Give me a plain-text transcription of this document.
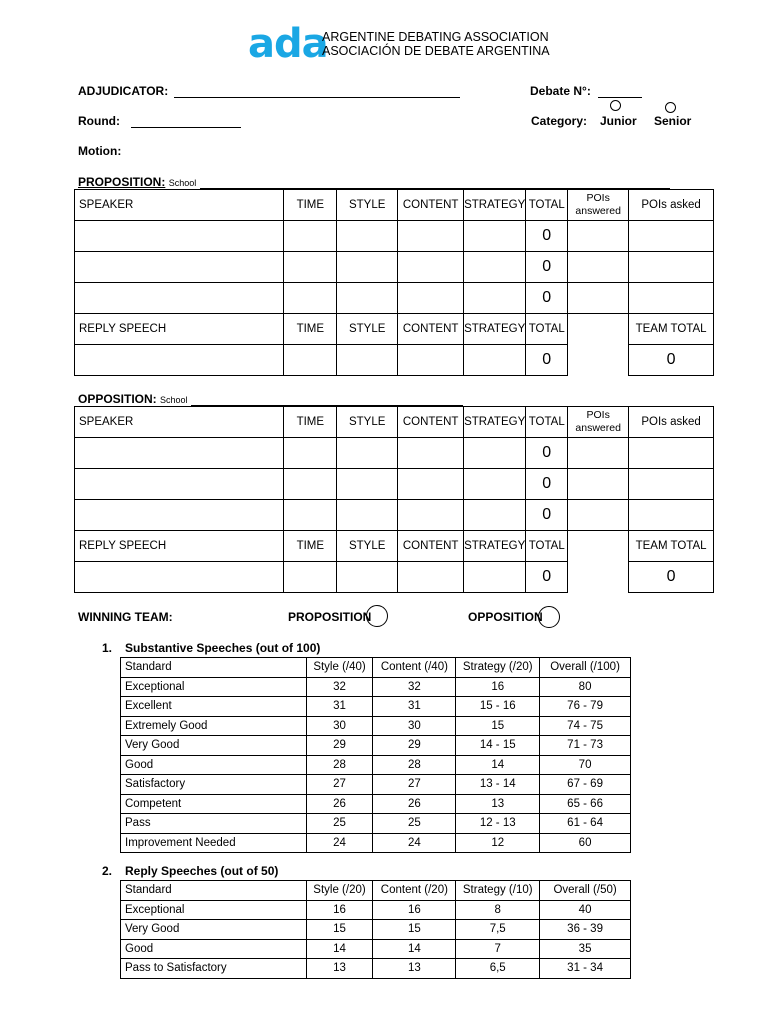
ada
ARGENTINE DEBATING ASSOCIATION
ASOCIACIÓN DE DEBATE ARGENTINA
ADJUDICATOR:	Debate N°:
Round:	Category: Junior Senior
Motion:
PROPOSITION: School
SPEAKER	TIME	STYLE	CONTENT	STRATEGY	TOTAL	POIs answered	POIs asked
					0		
					0		
					0		
REPLY SPEECH	TIME	STYLE	CONTENT	STRATEGY	TOTAL		TEAM TOTAL
					0		0
OPPOSITION: School
SPEAKER	TIME	STYLE	CONTENT	STRATEGY	TOTAL	POIs answered	POIs asked
					0		
					0		
					0		
REPLY SPEECH	TIME	STYLE	CONTENT	STRATEGY	TOTAL		TEAM TOTAL
					0		0
WINNING TEAM:	PROPOSITION	OPPOSITION
1. Substantive Speeches (out of 100)
Standard	Style (/40)	Content (/40)	Strategy (/20)	Overall (/100)
Exceptional	32	32	16	80
Excellent	31	31	15 - 16	76 - 79
Extremely Good	30	30	15	74 - 75
Very Good	29	29	14 - 15	71 - 73
Good	28	28	14	70
Satisfactory	27	27	13 - 14	67 - 69
Competent	26	26	13	65 - 66
Pass	25	25	12 - 13	61 - 64
Improvement Needed	24	24	12	60
2. Reply Speeches (out of 50)
Standard	Style (/20)	Content (/20)	Strategy (/10)	Overall (/50)
Exceptional	16	16	8	40
Very Good	15	15	7,5	36 - 39
Good	14	14	7	35
Pass to Satisfactory	13	13	6,5	31 - 34
